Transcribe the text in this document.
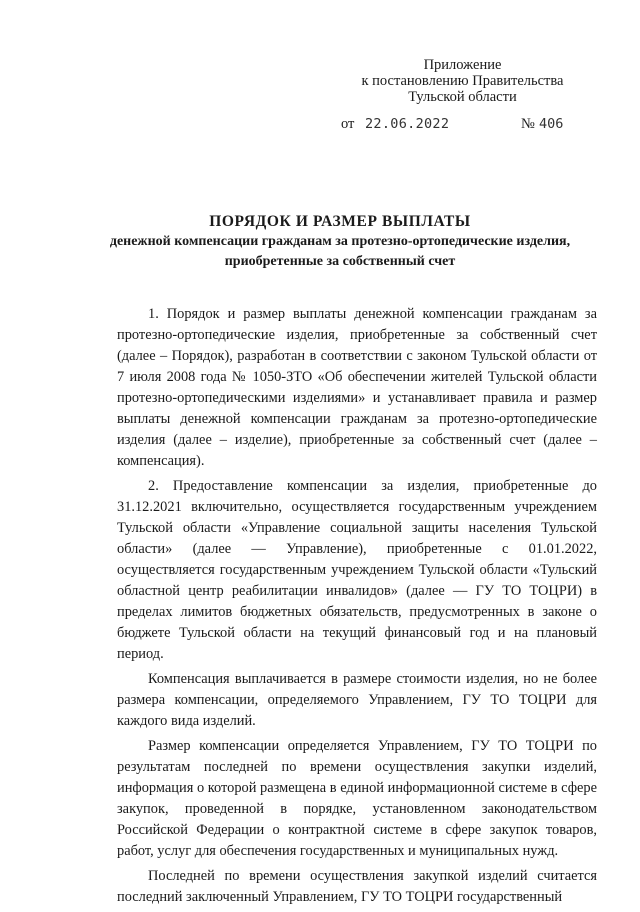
Приложение
к постановлению Правительства
Тульской области
от 22.06.2022	№ 406
ПОРЯДОК И РАЗМЕР ВЫПЛАТЫ
денежной компенсации гражданам за протезно-ортопедические изделия,
приобретенные за собственный счет

1. Порядок и размер выплаты денежной компенсации гражданам за протезно-ортопедические изделия, приобретенные за собственный счет (далее – Порядок), разработан в соответствии с законом Тульской области от 7 июля 2008 года № 1050-ЗТО «Об обеспечении жителей Тульской области протезно-ортопедическими изделиями» и устанавливает правила и размер выплаты денежной компенсации гражданам за протезно-ортопедические изделия (далее – изделие), приобретенные за собственный счет (далее – компенсация).

2. Предоставление компенсации за изделия, приобретенные до 31.12.2021 включительно, осуществляется государственным учреждением Тульской области «Управление социальной защиты населения Тульской области» (далее — Управление), приобретенные с 01.01.2022, осуществляется государственным учреждением Тульской области «Тульский областной центр реабилитации инвалидов» (далее — ГУ ТО ТОЦРИ) в пределах лимитов бюджетных обязательств, предусмотренных в законе о бюджете Тульской области на текущий финансовый год и на плановый период.

Компенсация выплачивается в размере стоимости изделия, но не более размера компенсации, определяемого Управлением, ГУ ТО ТОЦРИ для каждого вида изделий.

Размер компенсации определяется Управлением, ГУ ТО ТОЦРИ по результатам последней по времени осуществления закупки изделий, информация о которой размещена в единой информационной системе в сфере закупок, проведенной в порядке, установленном законодательством Российской Федерации о контрактной системе в сфере закупок товаров, работ, услуг для обеспечения государственных и муниципальных нужд.

Последней по времени осуществления закупкой изделий считается последний заключенный Управлением, ГУ ТО ТОЦРИ государственный
